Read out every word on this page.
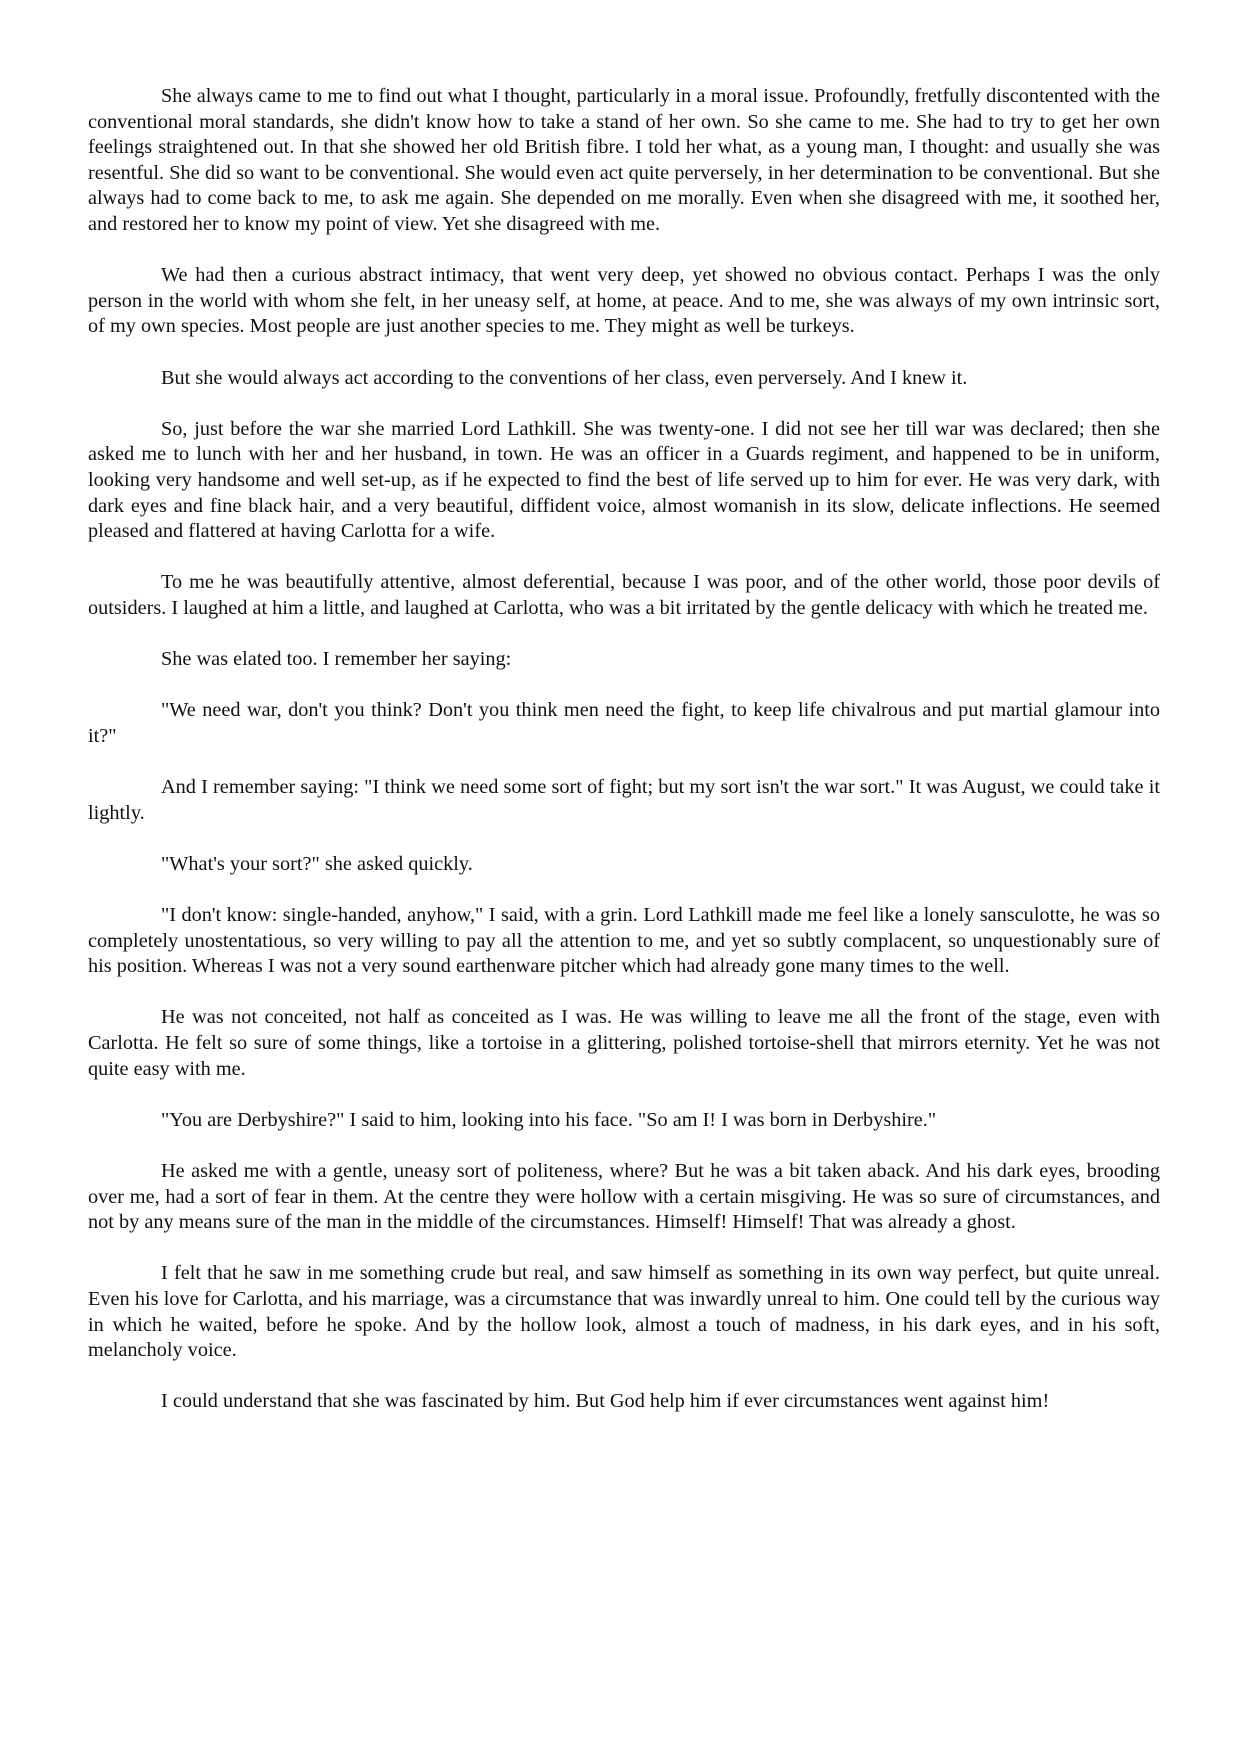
She always came to me to find out what I thought, particularly in a moral issue. Profoundly, fretfully discontented with the conventional moral standards, she didn't know how to take a stand of her own. So she came to me. She had to try to get her own feelings straightened out. In that she showed her old British fibre. I told her what, as a young man, I thought: and usually she was resentful. She did so want to be conventional. She would even act quite perversely, in her determination to be conventional. But she always had to come back to me, to ask me again. She depended on me morally. Even when she disagreed with me, it soothed her, and restored her to know my point of view. Yet she disagreed with me.

We had then a curious abstract intimacy, that went very deep, yet showed no obvious contact. Perhaps I was the only person in the world with whom she felt, in her uneasy self, at home, at peace. And to me, she was always of my own intrinsic sort, of my own species. Most people are just another species to me. They might as well be turkeys.

But she would always act according to the conventions of her class, even perversely. And I knew it.

So, just before the war she married Lord Lathkill. She was twenty-one. I did not see her till war was declared; then she asked me to lunch with her and her husband, in town. He was an officer in a Guards regiment, and happened to be in uniform, looking very handsome and well set-up, as if he expected to find the best of life served up to him for ever. He was very dark, with dark eyes and fine black hair, and a very beautiful, diffident voice, almost womanish in its slow, delicate inflections. He seemed pleased and flattered at having Carlotta for a wife.

To me he was beautifully attentive, almost deferential, because I was poor, and of the other world, those poor devils of outsiders. I laughed at him a little, and laughed at Carlotta, who was a bit irritated by the gentle delicacy with which he treated me.

She was elated too. I remember her saying:

"We need war, don't you think? Don't you think men need the fight, to keep life chivalrous and put martial glamour into it?"

And I remember saying: "I think we need some sort of fight; but my sort isn't the war sort." It was August, we could take it lightly.

"What's your sort?" she asked quickly.

"I don't know: single-handed, anyhow," I said, with a grin. Lord Lathkill made me feel like a lonely sansculotte, he was so completely unostentatious, so very willing to pay all the attention to me, and yet so subtly complacent, so unquestionably sure of his position. Whereas I was not a very sound earthenware pitcher which had already gone many times to the well.

He was not conceited, not half as conceited as I was. He was willing to leave me all the front of the stage, even with Carlotta. He felt so sure of some things, like a tortoise in a glittering, polished tortoise-shell that mirrors eternity. Yet he was not quite easy with me.

"You are Derbyshire?" I said to him, looking into his face. "So am I! I was born in Derbyshire."

He asked me with a gentle, uneasy sort of politeness, where? But he was a bit taken aback. And his dark eyes, brooding over me, had a sort of fear in them. At the centre they were hollow with a certain misgiving. He was so sure of circumstances, and not by any means sure of the man in the middle of the circumstances. Himself! Himself! That was already a ghost.

I felt that he saw in me something crude but real, and saw himself as something in its own way perfect, but quite unreal. Even his love for Carlotta, and his marriage, was a circumstance that was inwardly unreal to him. One could tell by the curious way in which he waited, before he spoke. And by the hollow look, almost a touch of madness, in his dark eyes, and in his soft, melancholy voice.

I could understand that she was fascinated by him. But God help him if ever circumstances went against him!
